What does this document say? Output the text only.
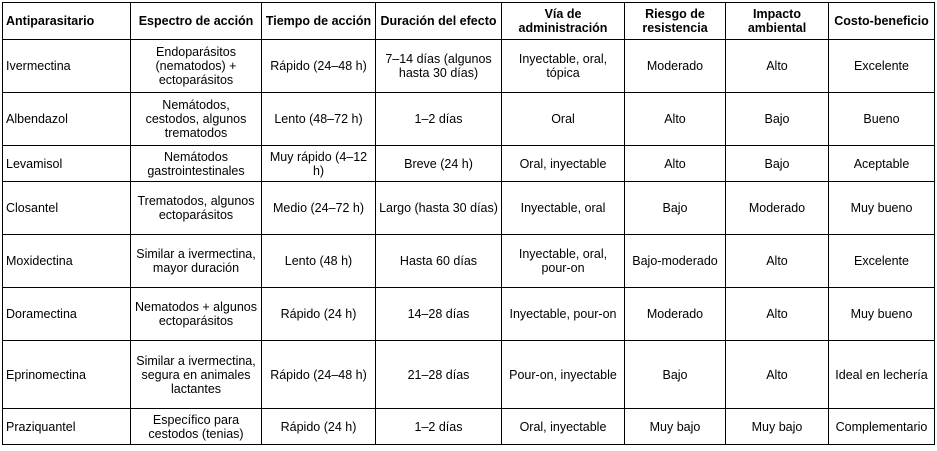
Antiparasitario	Espectro de acción	Tiempo de acción	Duración del efecto	Vía de administración	Riesgo de resistencia	Impacto ambiental	Costo-beneficio
Ivermectina	Endoparásitos (nematodos) + ectoparásitos	Rápido (24–48 h)	7–14 días (algunos hasta 30 días)	Inyectable, oral, tópica	Moderado	Alto	Excelente
Albendazol	Nemátodos, cestodos, algunos trematodos	Lento (48–72 h)	1–2 días	Oral	Alto	Bajo	Bueno
Levamisol	Nemátodos gastrointestinales	Muy rápido (4–12 h)	Breve (24 h)	Oral, inyectable	Alto	Bajo	Aceptable
Closantel	Trematodos, algunos ectoparásitos	Medio (24–72 h)	Largo (hasta 30 días)	Inyectable, oral	Bajo	Moderado	Muy bueno
Moxidectina	Similar a ivermectina, mayor duración	Lento (48 h)	Hasta 60 días	Inyectable, oral, pour-on	Bajo-moderado	Alto	Excelente
Doramectina	Nematodos + algunos ectoparásitos	Rápido (24 h)	14–28 días	Inyectable, pour-on	Moderado	Alto	Muy bueno
Eprinomectina	Similar a ivermectina, segura en animales lactantes	Rápido (24–48 h)	21–28 días	Pour-on, inyectable	Bajo	Alto	Ideal en lechería
Praziquantel	Específico para cestodos (tenias)	Rápido (24 h)	1–2 días	Oral, inyectable	Muy bajo	Muy bajo	Complementario
